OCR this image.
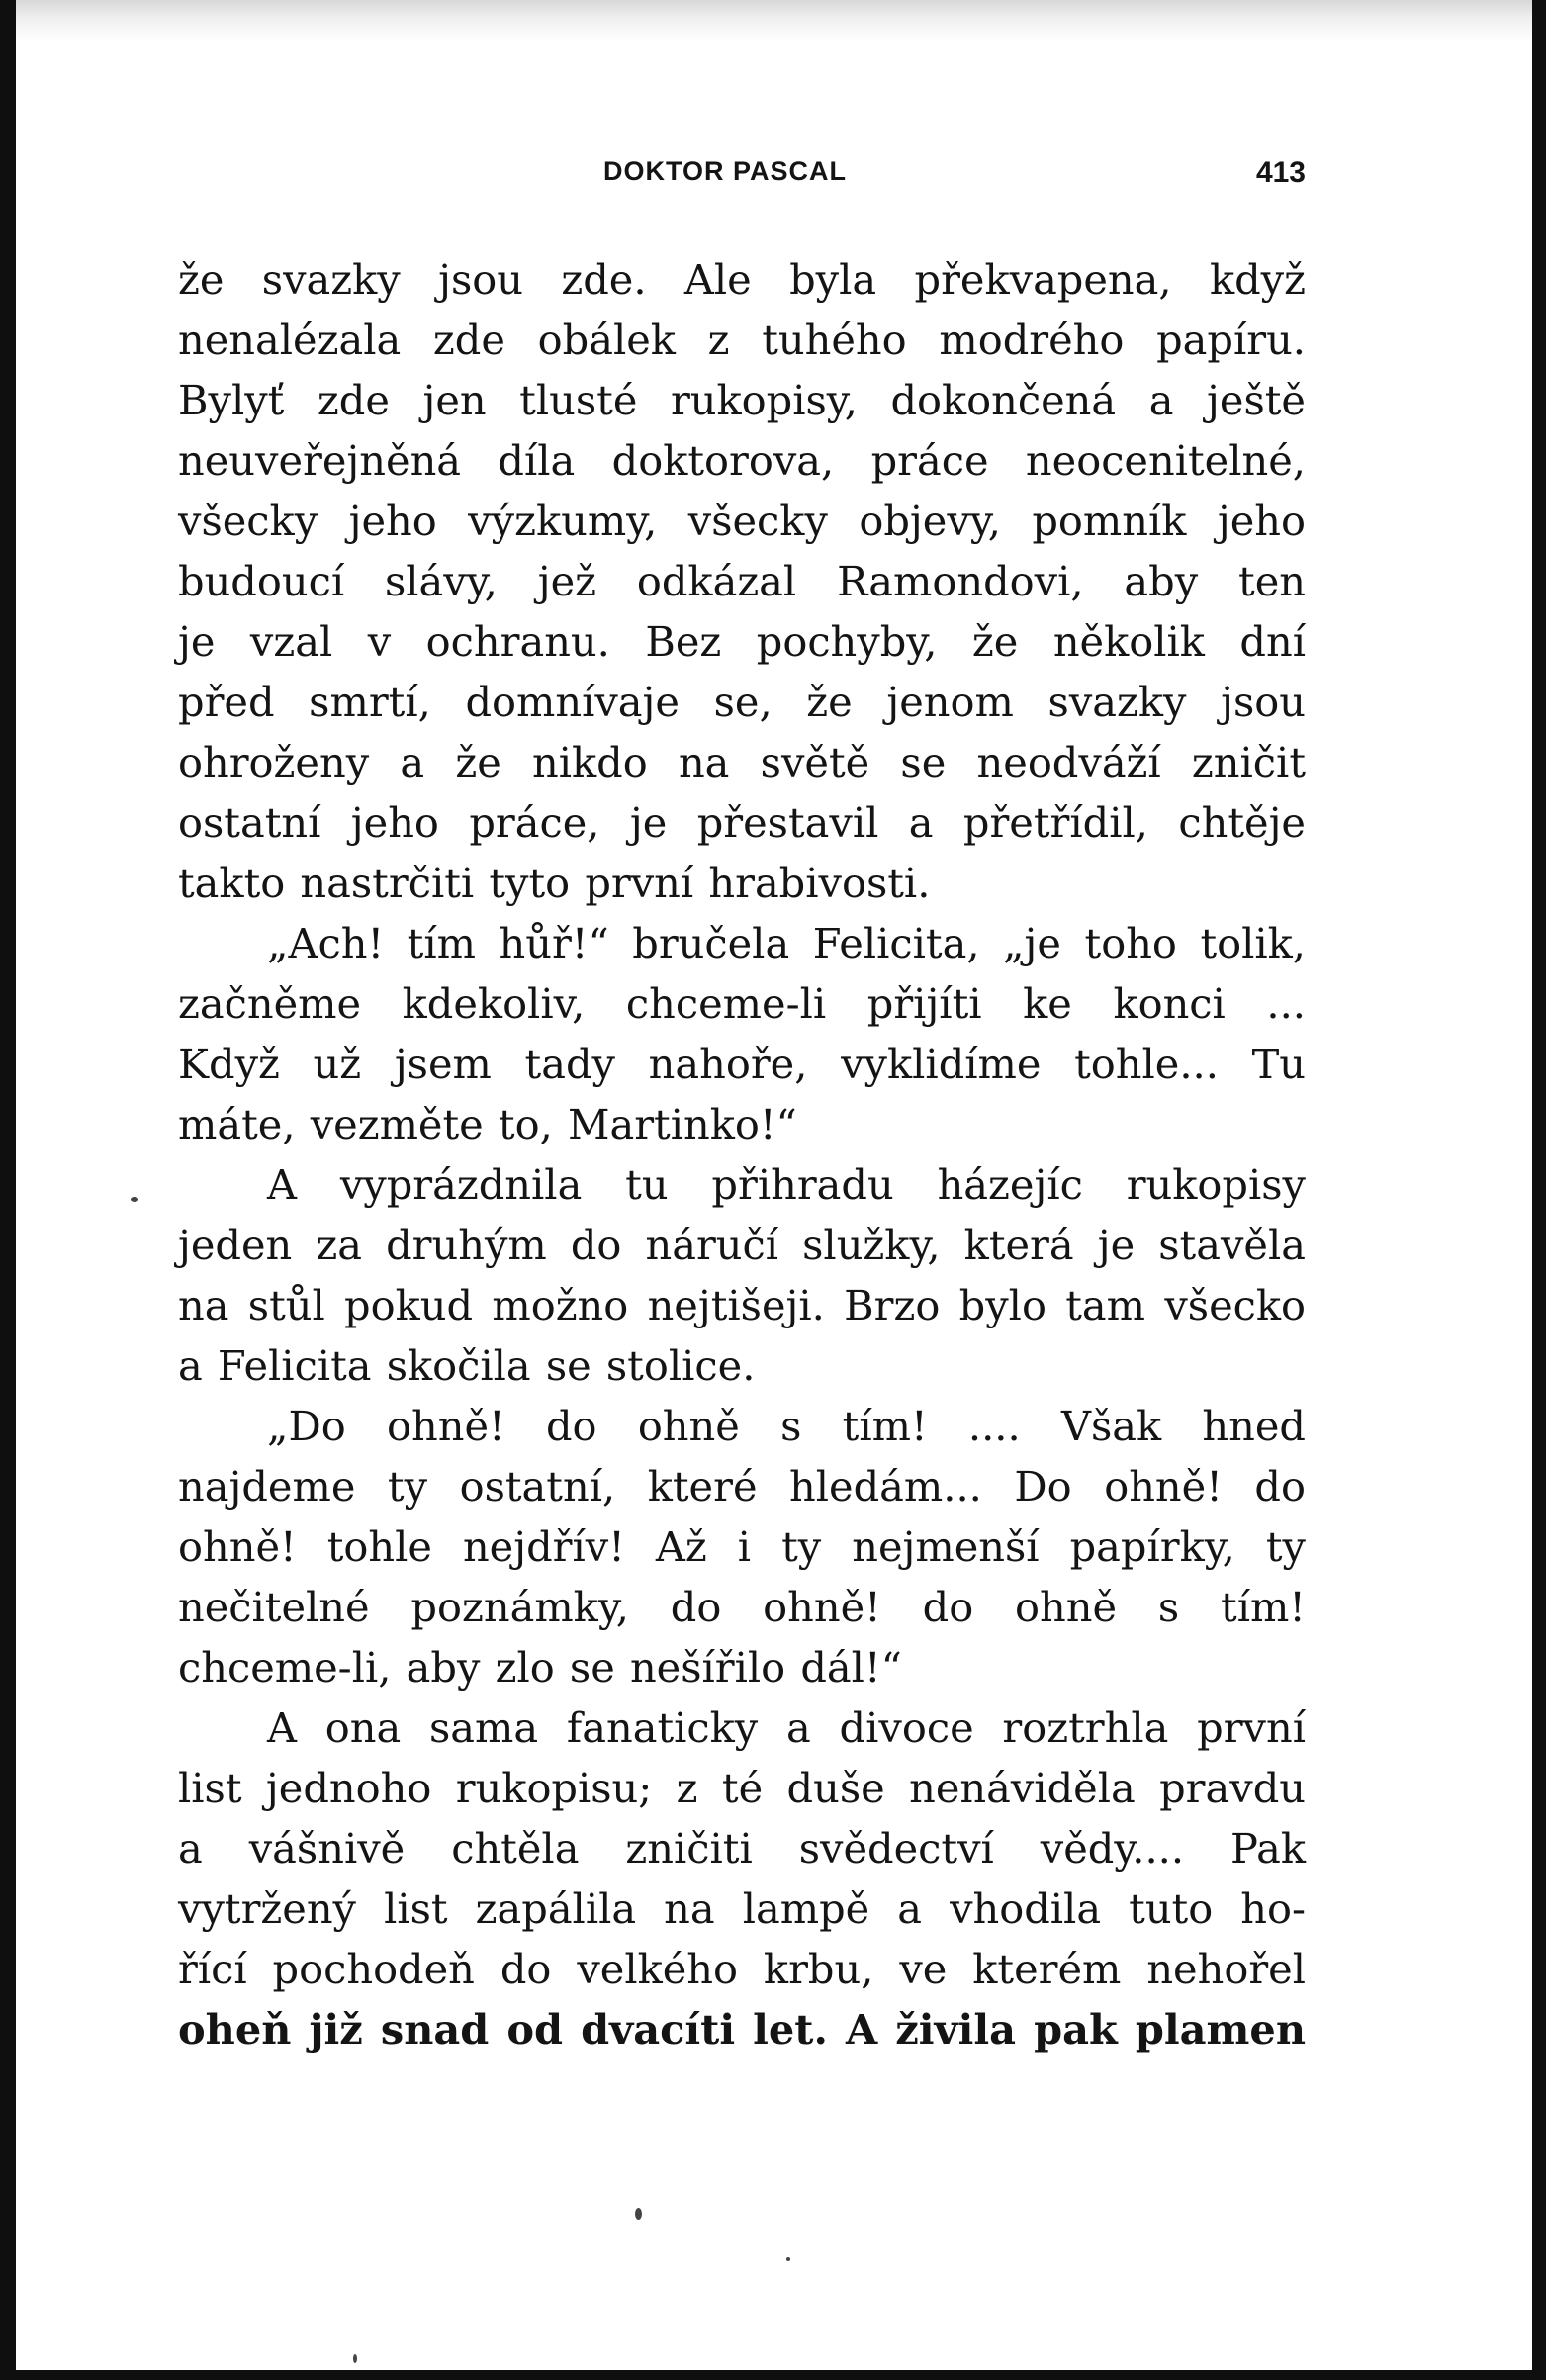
DOKTOR PASCAL	413
že svazky jsou zde. Ale byla překvapena, když
nenalézala zde obálek z tuhého modrého papíru.
Bylyť zde jen tlusté rukopisy, dokončená a ještě
neuveřejněná díla doktorova, práce neocenitelné,
všecky jeho výzkumy, všecky objevy, pomník jeho
budoucí slávy, jež odkázal Ramondovi, aby ten
je vzal v ochranu. Bez pochyby, že několik dní
před smrtí, domnívaje se, že jenom svazky jsou
ohroženy a že nikdo na světě se neodváží zničit
ostatní jeho práce, je přestavil a přetřídil, chtěje
takto nastrčiti tyto první hrabivosti.
„Ach! tím hůř!“ bručela Felicita, „je toho tolik,
začněme kdekoliv, chceme-li přijíti ke konci ...
Když už jsem tady nahoře, vyklidíme tohle... Tu
máte, vezměte to, Martinko!“
A vyprázdnila tu přihradu házejíc rukopisy
jeden za druhým do náručí služky, která je stavěla
na stůl pokud možno nejtišeji. Brzo bylo tam všecko
a Felicita skočila se stolice.
„Do ohně! do ohně s tím! .... Však hned
najdeme ty ostatní, které hledám... Do ohně! do
ohně! tohle nejdřív! Až i ty nejmenší papírky, ty
nečitelné poznámky, do ohně! do ohně s tím!
chceme-li, aby zlo se nešířilo dál!“
A ona sama fanaticky a divoce roztrhla první
list jednoho rukopisu; z té duše nenáviděla pravdu
a vášnivě chtěla zničiti svědectví vědy.... Pak
vytržený list zapálila na lampě a vhodila tuto ho-
řící pochodeň do velkého krbu, ve kterém nehořel
oheň již snad od dvacíti let. A živila pak plamen
